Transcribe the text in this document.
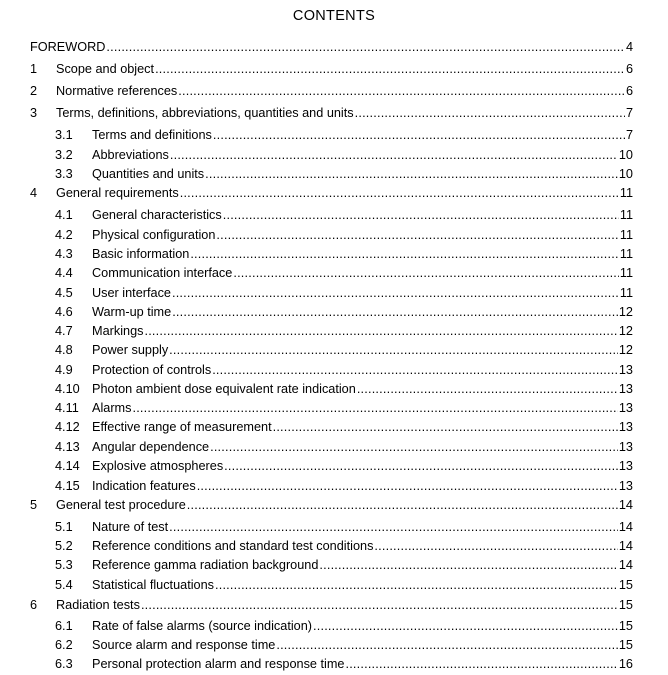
CONTENTS
FOREWORD .....	4
1 Scope and object .....	6
2 Normative references .....	6
3 Terms, definitions, abbreviations, quantities and units .....	7
3.1 Terms and definitions .....	7
3.2 Abbreviations .....	10
3.3 Quantities and units .....	10
4 General requirements .....	11
4.1 General characteristics .....	11
4.2 Physical configuration .....	11
4.3 Basic information .....	11
4.4 Communication interface .....	11
4.5 User interface .....	11
4.6 Warm-up time .....	12
4.7 Markings .....	12
4.8 Power supply .....	12
4.9 Protection of controls .....	13
4.10 Photon ambient dose equivalent rate indication .....	13
4.11 Alarms .....	13
4.12 Effective range of measurement .....	13
4.13 Angular dependence .....	13
4.14 Explosive atmospheres .....	13
4.15 Indication features .....	13
5 General test procedure .....	14
5.1 Nature of test .....	14
5.2 Reference conditions and standard test conditions .....	14
5.3 Reference gamma radiation background .....	14
5.4 Statistical fluctuations .....	15
6 Radiation tests .....	15
6.1 Rate of false alarms (source indication) .....	15
6.2 Source alarm and response time .....	15
6.3 Personal protection alarm and response time .....	16
